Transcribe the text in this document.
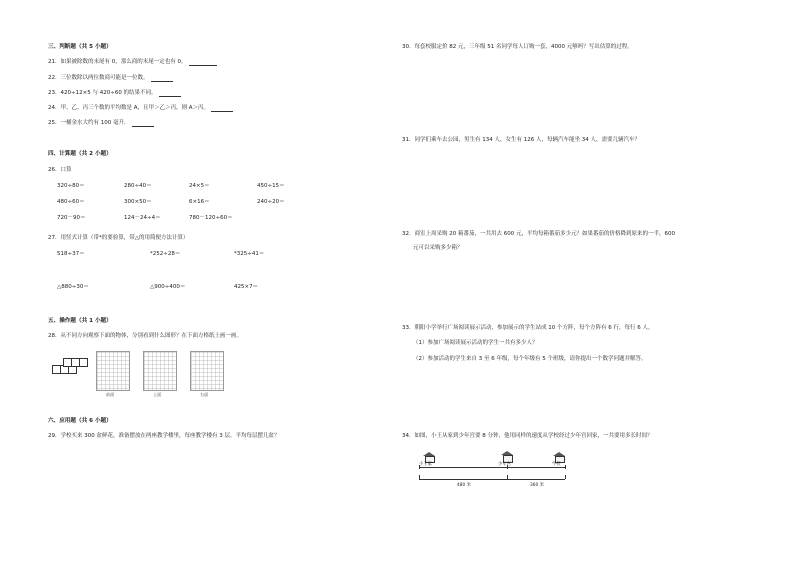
三、判断题（共 5 小题）
21．如果被除数的末尾有 0，那么商的末尾一定也有 0。
22．三位数除以两位数商可能是一位数。
23．420÷12×5 与 420÷60 的结果不同。
24．甲、乙、丙三个数的平均数是 A，且甲＞乙＞丙，则 A＞丙。
25．一桶金水大约有 100 毫升．
四、计算题（共 2 小题）
26．口算
320÷80＝	280÷40＝	24×5＝	450÷15＝
480÷60＝	300×50＝	6×16＝	240÷20＝
720－90＝	124－24÷4＝	780－120÷60＝
27．用竖式计算（带*的要验算，带△的用简便方法计算）
518÷37＝	*252÷28＝	*325÷41＝
△880÷30＝	△900÷400＝	425×7＝
五、操作题（共 1 小题）
28．从不同方向观察下面的物体，分别看到什么图形？在下面方格纸上画一画。
前面	上面	右面
六、应用题（共 6 小题）
29．学校买来 300 盆鲜花，准备摆放在两座教学楼里，每座教学楼有 3 层，平均每层摆几盆？
30．每套校服定价 82 元，三年级 51 名同学每人订购一套，4000 元够吗？写出估算的过程。
31．同学们乘车去公园，男生有 134 人，女生有 126 人，每辆汽车能坐 34 人，需要几辆汽车？
32．商室上周采购 20 箱番茄，一共用去 600 元，平均每箱番茄多少元？如果番茄的价格降到原来的一半，600
元可以采购多少箱？
33．朝阳小学举行广场阅读展示活动，参加展示的学生站成 10 个方阵，每个方阵有 6 行，每行 6 人。
（1）参加广场阅读展示活动的学生一共有多少人？
（2）参加活动的学生来自 3 至 6 年级，每个年级有 5 个班级，请你提出一个数学问题并解答。
34．如图，小王从家到少年宫要 8 分钟，他用同样的速度从学校经过少年宫回家，一共要用多长时间？
小王家	少年宫	学校
480 米	360 米
